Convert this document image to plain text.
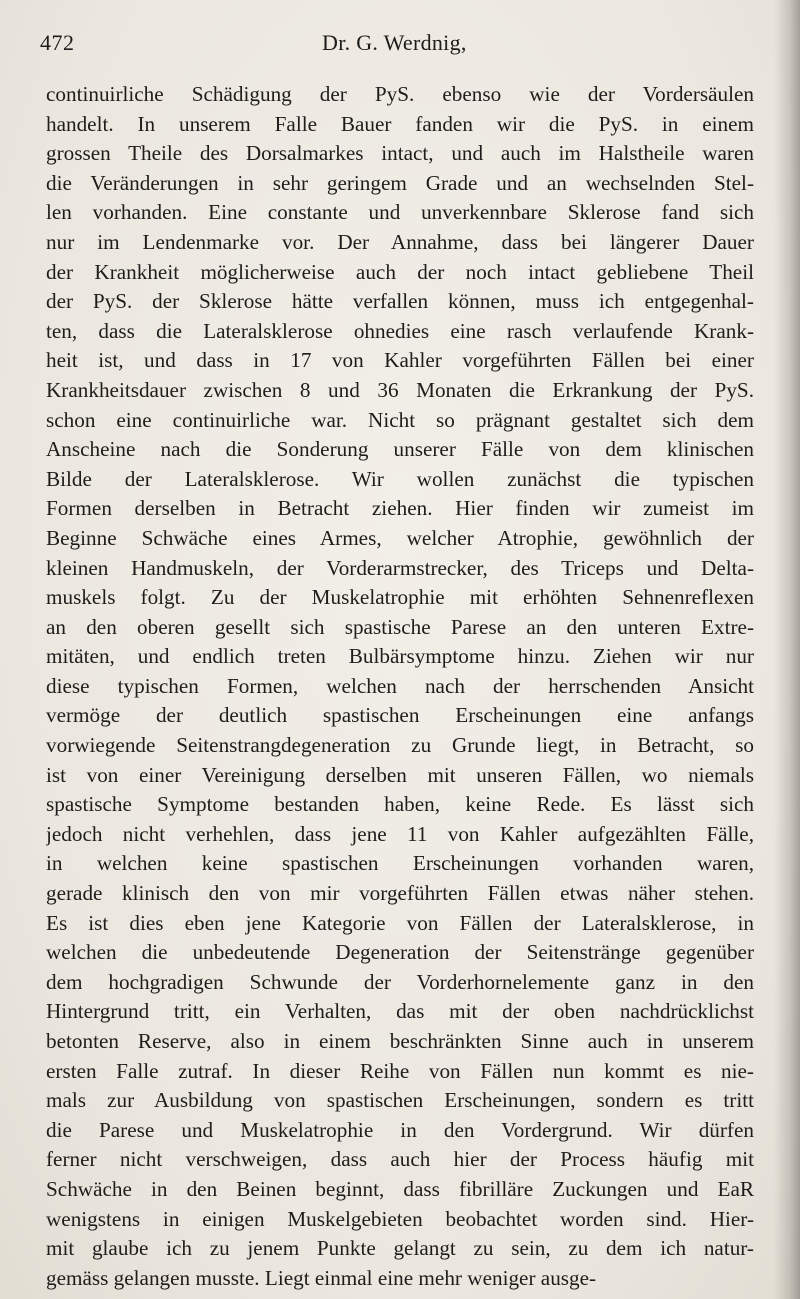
472	Dr. G. Werdnig,
continuirliche Schädigung der PyS. ebenso wie der Vordersäulen
handelt. In unserem Falle Bauer fanden wir die PyS. in einem
grossen Theile des Dorsalmarkes intact, und auch im Halstheile waren
die Veränderungen in sehr geringem Grade und an wechselnden Stel-
len vorhanden. Eine constante und unverkennbare Sklerose fand sich
nur im Lendenmarke vor. Der Annahme, dass bei längerer Dauer
der Krankheit möglicherweise auch der noch intact gebliebene Theil
der PyS. der Sklerose hätte verfallen können, muss ich entgegenhal-
ten, dass die Lateralsklerose ohnedies eine rasch verlaufende Krank-
heit ist, und dass in 17 von Kahler vorgeführten Fällen bei einer
Krankheitsdauer zwischen 8 und 36 Monaten die Erkrankung der PyS.
schon eine continuirliche war. Nicht so prägnant gestaltet sich dem
Anscheine nach die Sonderung unserer Fälle von dem klinischen
Bilde der Lateralsklerose. Wir wollen zunächst die typischen
Formen derselben in Betracht ziehen. Hier finden wir zumeist im
Beginne Schwäche eines Armes, welcher Atrophie, gewöhnlich der
kleinen Handmuskeln, der Vorderarmstrecker, des Triceps und Delta-
muskels folgt. Zu der Muskelatrophie mit erhöhten Sehnenreflexen
an den oberen gesellt sich spastische Parese an den unteren Extre-
mitäten, und endlich treten Bulbärsymptome hinzu. Ziehen wir nur
diese typischen Formen, welchen nach der herrschenden Ansicht
vermöge der deutlich spastischen Erscheinungen eine anfangs
vorwiegende Seitenstrangdegeneration zu Grunde liegt, in Betracht, so
ist von einer Vereinigung derselben mit unseren Fällen, wo niemals
spastische Symptome bestanden haben, keine Rede. Es lässt sich
jedoch nicht verhehlen, dass jene 11 von Kahler aufgezählten Fälle,
in welchen keine spastischen Erscheinungen vorhanden waren,
gerade klinisch den von mir vorgeführten Fällen etwas näher stehen.
Es ist dies eben jene Kategorie von Fällen der Lateralsklerose, in
welchen die unbedeutende Degeneration der Seitenstränge gegenüber
dem hochgradigen Schwunde der Vorderhornelemente ganz in den
Hintergrund tritt, ein Verhalten, das mit der oben nachdrücklichst
betonten Reserve, also in einem beschränkten Sinne auch in unserem
ersten Falle zutraf. In dieser Reihe von Fällen nun kommt es nie-
mals zur Ausbildung von spastischen Erscheinungen, sondern es tritt
die Parese und Muskelatrophie in den Vordergrund. Wir dürfen
ferner nicht verschweigen, dass auch hier der Process häufig mit
Schwäche in den Beinen beginnt, dass fibrilläre Zuckungen und EaR
wenigstens in einigen Muskelgebieten beobachtet worden sind. Hier-
mit glaube ich zu jenem Punkte gelangt zu sein, zu dem ich natur-
gemäss gelangen musste. Liegt einmal eine mehr weniger ausge-
